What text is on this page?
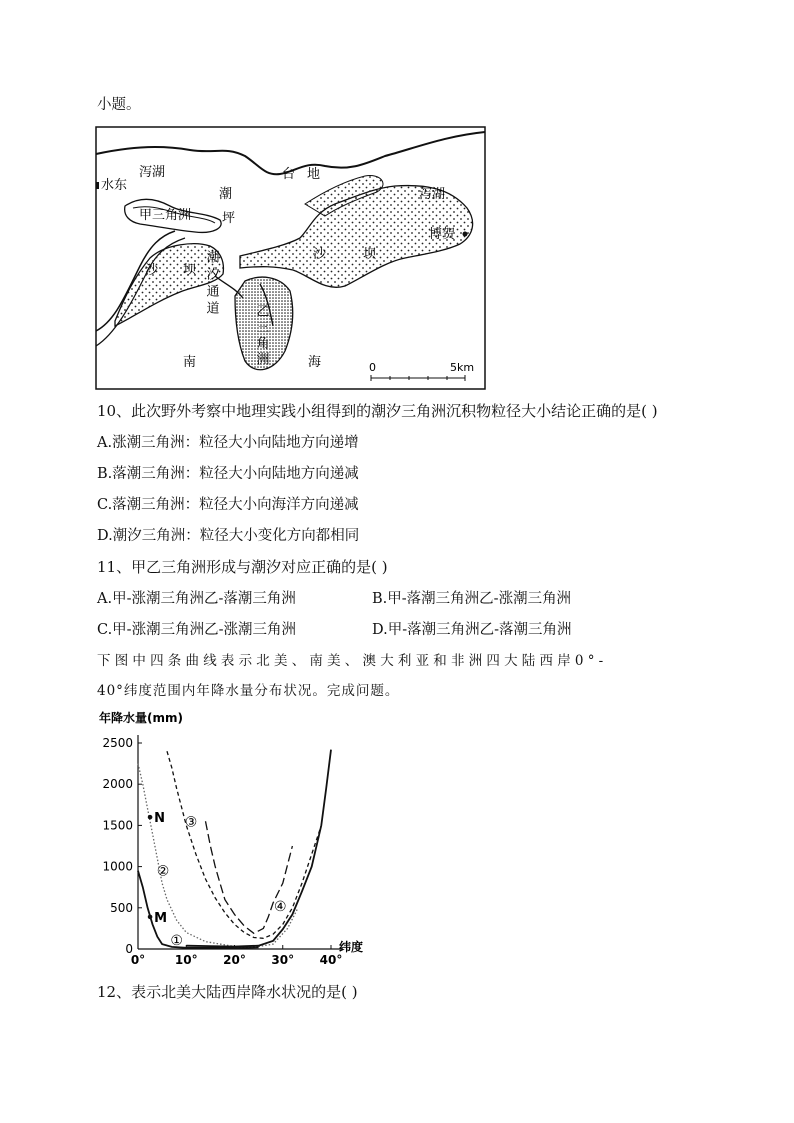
小题。
泻湖
水东
台地
泻湖
潮
坪
甲三角洲
潮汐通道
沙 坝
沙	坝
博贺
乙三角洲
南	海	0	5km
10、此次野外考察中地理实践小组得到的潮汐三角洲沉积物粒径大小结论正确的是( )
A.涨潮三角洲：粒径大小向陆地方向递增
B.落潮三角洲：粒径大小向陆地方向递减
C.落潮三角洲：粒径大小向海洋方向递减
D.潮汐三角洲：粒径大小变化方向都相同
11、甲乙三角洲形成与潮汐对应正确的是( )
A.甲-涨潮三角洲乙-落潮三角洲	B.甲-落潮三角洲乙-涨潮三角洲
C.甲-涨潮三角洲乙-涨潮三角洲	D.甲-落潮三角洲乙-落潮三角洲
下图中四条曲线表示北美、南美、澳大利亚和非洲四大陆西岸0°-
40°纬度范围内年降水量分布状况。完成问题。
年降水量(mm)
纬度
0
500
1000
1500
2000
2500
0° 10° 20° 30° 40°
N
M
①
②
③
④
12、表示北美大陆西岸降水状况的是( )
